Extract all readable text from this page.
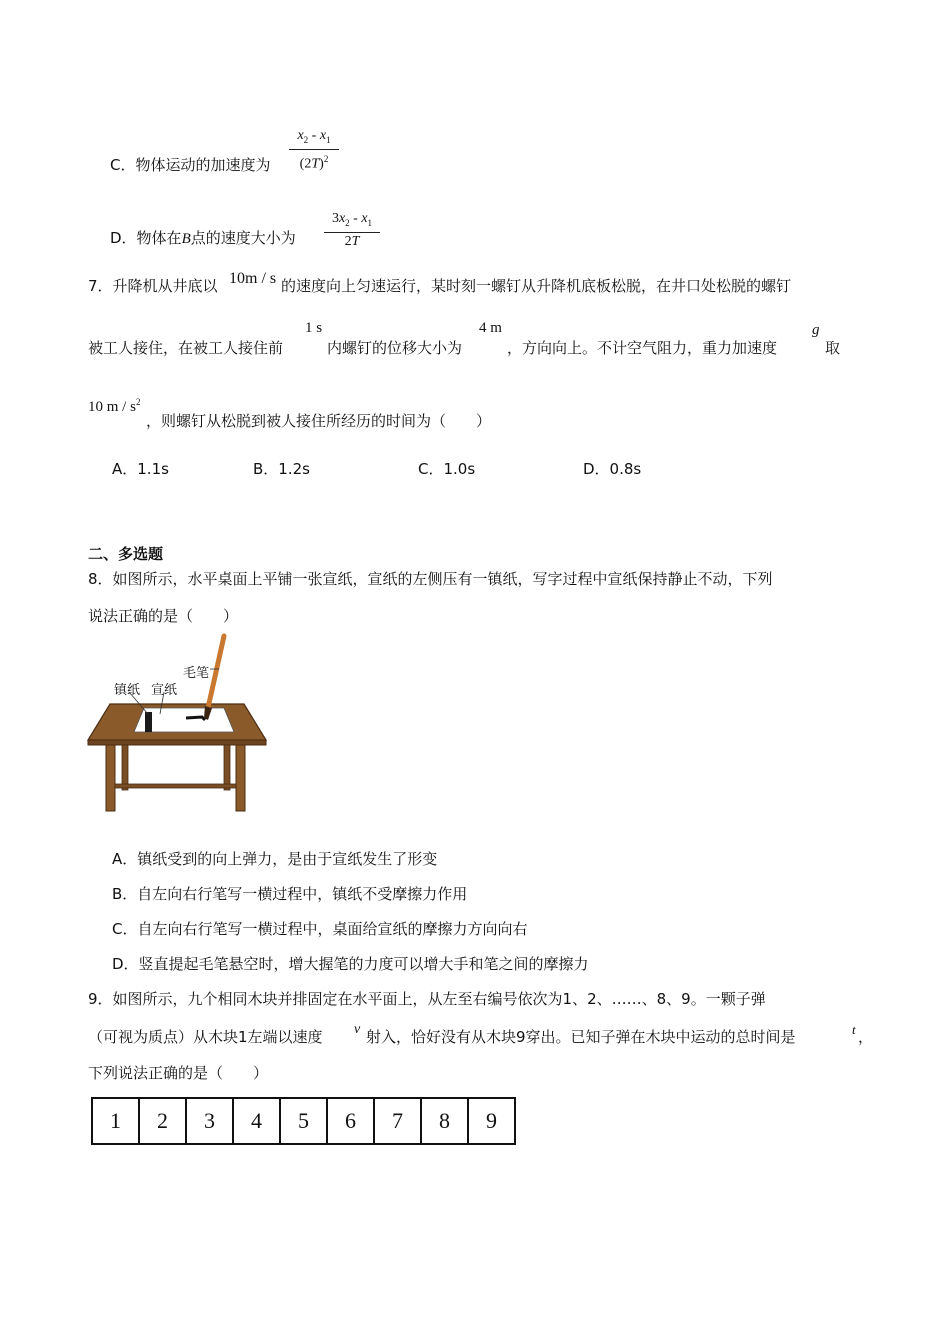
C．物体运动的加速度为
$x_2 - x_1$
$(2T)^2$
D．物体在B点的速度大小为
$3x_2 - x_1$
2T
7．升降机从井底以 10m / s 的速度向上匀速运行，某时刻一螺钉从升降机底板松脱，在井口处松脱的螺钉
被工人接住，在被工人接住前
1 s
内螺钉的位移大小为
4 m
，方向向上。不计空气阻力，重力加速度
g
取
10 m / $s^2$
，则螺钉从松脱到被人接住所经历的时间为（　　）
A．1.1s	B．1.2s	C．1.0s	D．0.8s
二、多选题
8．如图所示，水平桌面上平铺一张宣纸，宣纸的左侧压有一镇纸，写字过程中宣纸保持静止不动，下列
说法正确的是（　　）
毛笔
镇纸 宣纸
A．镇纸受到的向上弹力，是由于宣纸发生了形变
B．自左向右行笔写一横过程中，镇纸不受摩擦力作用
C．自左向右行笔写一横过程中，桌面给宣纸的摩擦力方向向右
D．竖直提起毛笔悬空时，增大握笔的力度可以增大手和笔之间的摩擦力
9．如图所示，九个相同木块并排固定在水平面上，从左至右编号依次为1、2、……、8、9。一颗子弹
（可视为质点）从木块1左端以速度 v 射入，恰好没有从木块9穿出。已知子弹在木块中运动的总时间是	t ，
下列说法正确的是（　　）
1	2	3	4	5	6	7	8	9
